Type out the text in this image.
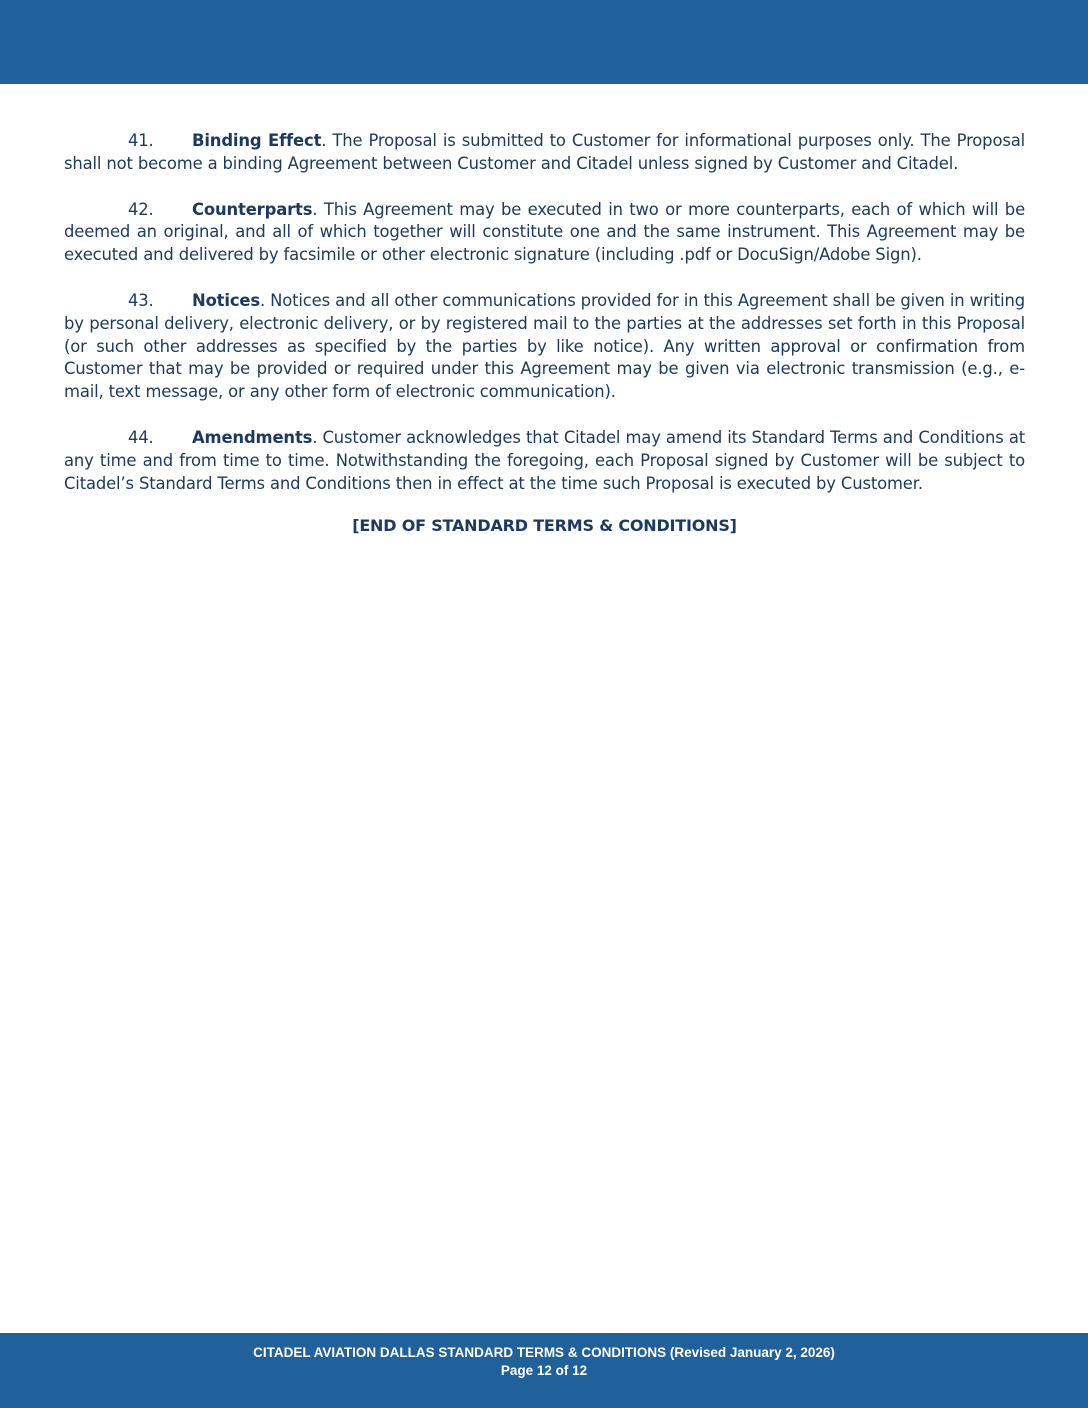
41. Binding Effect. The Proposal is submitted to Customer for informational purposes only. The Proposal shall not become a binding Agreement between Customer and Citadel unless signed by Customer and Citadel.

42. Counterparts. This Agreement may be executed in two or more counterparts, each of which will be deemed an original, and all of which together will constitute one and the same instrument. This Agreement may be executed and delivered by facsimile or other electronic signature (including .pdf or DocuSign/Adobe Sign).

43. Notices. Notices and all other communications provided for in this Agreement shall be given in writing by personal delivery, electronic delivery, or by registered mail to the parties at the addresses set forth in this Proposal (or such other addresses as specified by the parties by like notice). Any written approval or confirmation from Customer that may be provided or required under this Agreement may be given via electronic transmission (e.g., e-mail, text message, or any other form of electronic communication).

44. Amendments. Customer acknowledges that Citadel may amend its Standard Terms and Conditions at any time and from time to time. Notwithstanding the foregoing, each Proposal signed by Customer will be subject to Citadel’s Standard Terms and Conditions then in effect at the time such Proposal is executed by Customer.

[END OF STANDARD TERMS & CONDITIONS]
CITADEL AVIATION DALLAS STANDARD TERMS & CONDITIONS (Revised January 2, 2026)
Page 12 of 12
